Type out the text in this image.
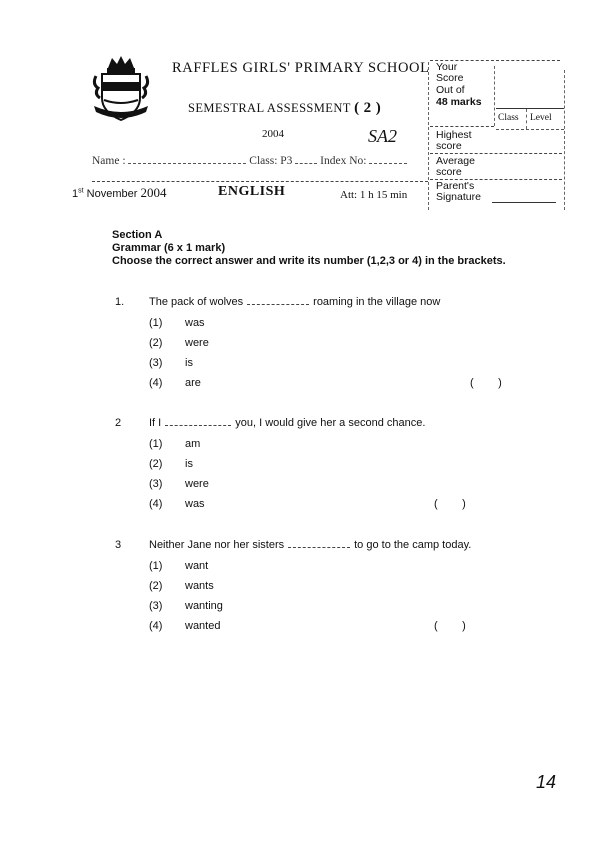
RAFFLES GIRLS' PRIMARY SCHOOL
SEMESTRAL ASSESSMENT ( 2 )
2004	SA2
Name :	Class: P3 Index No:
1st November 2004	ENGLISH	Att: 1 h 15 min
Your Score
Out of
48 marks
Class Level
Highest score
Average score
Parent's Signature
Section A
Grammar (6 x 1 mark)
Choose the correct answer and write its number (1,2,3 or 4) in the brackets.
1. The pack of wolves	roaming in the village now
(1) was
(2) were
(3) is
(4) are	(        )
2	If I	you, I would give her a second chance.
(1) am
(2) is
(3) were
(4) was	(        )
3	Neither Jane nor her sisters	to go to the camp today.
(1) want
(2) wants
(3) wanting
(4) wanted	(        )
14
